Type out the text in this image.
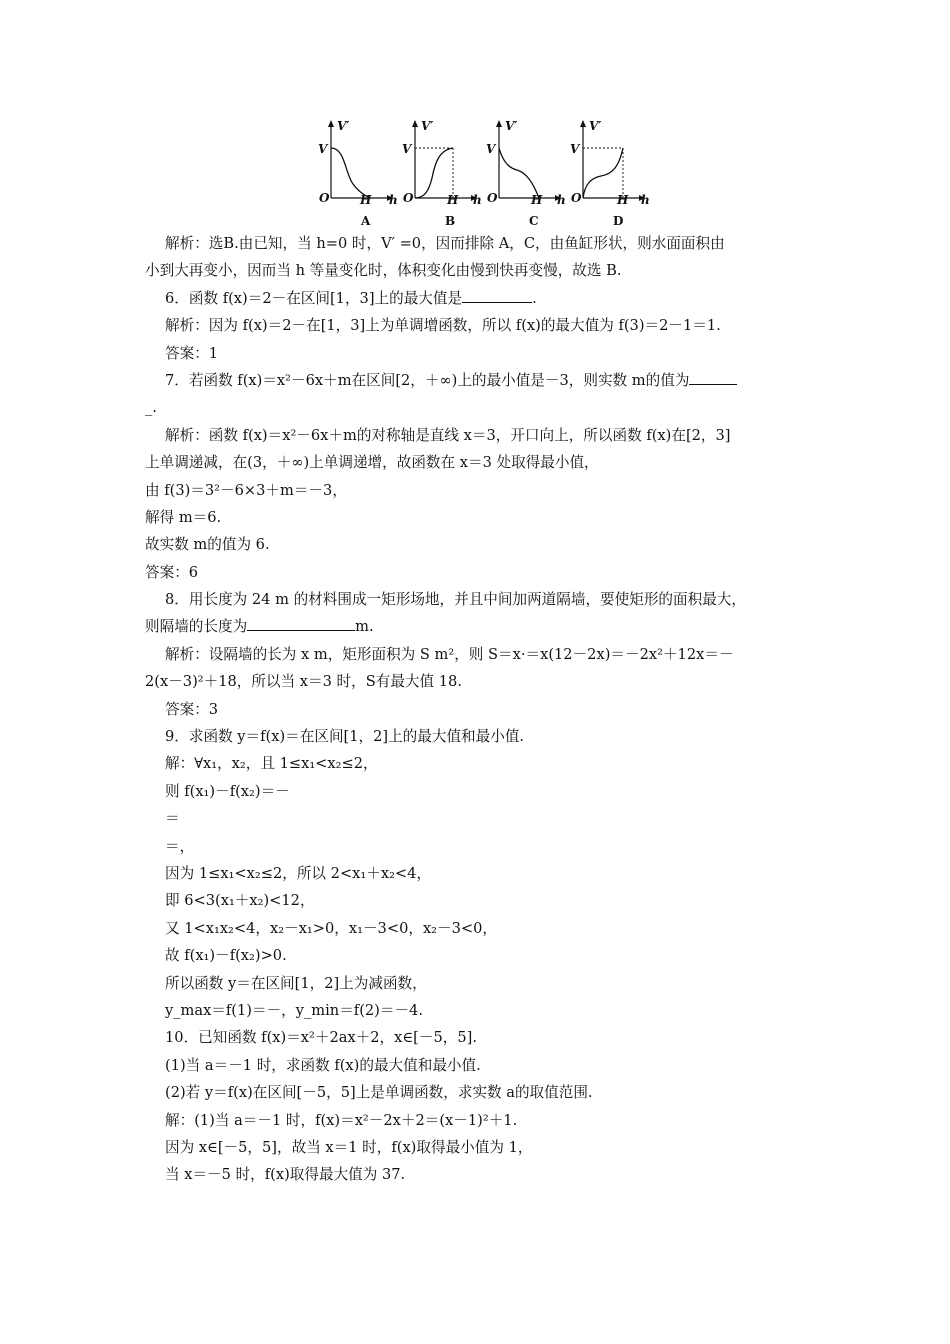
V′
V
O	H h
A
V′
V
O	H h
B
V′
V
O	H h
C
V′
V
O	H h
D
解析：选B.由已知，当 h=0 时，V′ =0，因而排除 A，C，由鱼缸形状，则水面面积由
小到大再变小，因而当 h 等量变化时，体积变化由慢到快再变慢，故选 B.
6．函数 f(x)＝2－在区间[1，3]上的最大值是	.
解析：因为 f(x)＝2－在[1，3]上为单调增函数，所以 f(x)的最大值为 f(3)＝2－1＝1.
答案：1
7．若函数 f(x)＝x²－6x＋m在区间[2，＋∞)上的最小值是－3，则实数 m的值为
_.
解析：函数 f(x)＝x²－6x＋m的对称轴是直线 x＝3，开口向上，所以函数 f(x)在[2，3]
上单调递减，在(3，＋∞)上单调递增，故函数在 x＝3 处取得最小值，
由 f(3)＝3²－6×3＋m＝－3，
解得 m＝6.
故实数 m的值为 6.
答案：6
8．用长度为 24 m 的材料围成一矩形场地，并且中间加两道隔墙，要使矩形的面积最大，
则隔墙的长度为	m.
解析：设隔墙的长为 x m，矩形面积为 S m²，则 S＝x·＝x(12－2x)＝－2x²＋12x＝－
2(x－3)²＋18，所以当 x＝3 时，S有最大值 18.
答案：3
9．求函数 y＝f(x)＝在区间[1，2]上的最大值和最小值.
解：∀x₁，x₂，且 1≤x₁<x₂≤2，
则 f(x₁)－f(x₂)＝－
＝
＝，
因为 1≤x₁<x₂≤2，所以 2<x₁＋x₂<4，
即 6<3(x₁＋x₂)<12，
又 1<x₁x₂<4，x₂－x₁>0，x₁－3<0，x₂－3<0，
故 f(x₁)－f(x₂)>0.
所以函数 y＝在区间[1，2]上为减函数，
y_max＝f(1)＝－，y_min＝f(2)＝－4.
10．已知函数 f(x)＝x²＋2ax＋2，x∈[－5，5].
(1)当 a＝－1 时，求函数 f(x)的最大值和最小值.
(2)若 y＝f(x)在区间[－5，5]上是单调函数，求实数 a的取值范围.
解：(1)当 a＝－1 时，f(x)＝x²－2x＋2＝(x－1)²＋1.
因为 x∈[－5，5]，故当 x＝1 时，f(x)取得最小值为 1，
当 x＝－5 时，f(x)取得最大值为 37.
